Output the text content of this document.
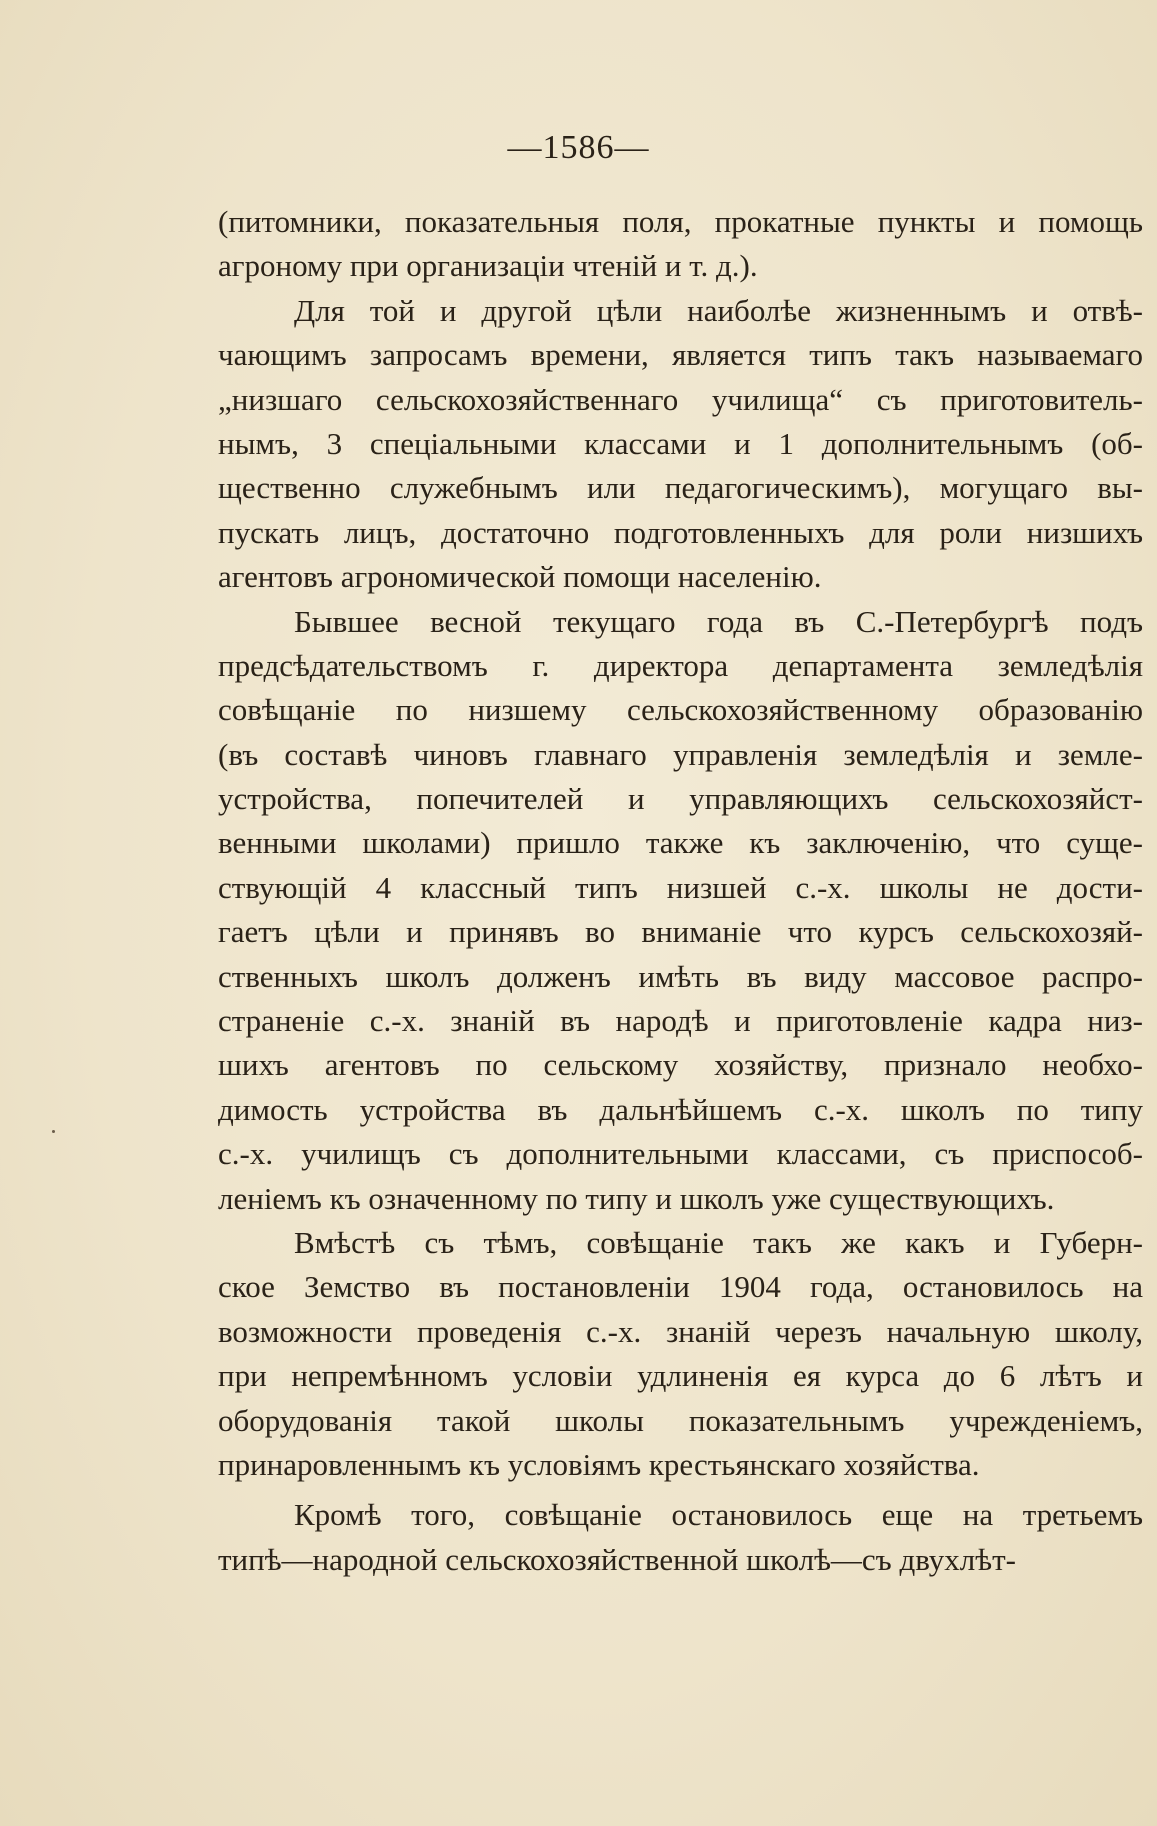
—1586—
(питомники, показательныя поля, прокатные пункты и помощь
агроному при организацiи чтенiй и т. д.).
Для той и другой цѣли наиболѣе жизненнымъ и отвѣ-
чающимъ запросамъ времени, является типъ такъ называемаго
„низшаго сельскохозяйственнаго училища“ съ приготовитель-
нымъ, 3 спецiальными классами и 1 дополнительнымъ (об-
щественно служебнымъ или педагогическимъ), могущаго вы-
пускать лицъ, достаточно подготовленныхъ для роли низшихъ
агентовъ агрономической помощи населенiю.
Бывшее весной текущаго года въ С.-Петербургѣ подъ
предсѣдательствомъ г. директора департамента земледѣлiя
совѣщанiе по низшему сельскохозяйственному образованiю
(въ составѣ чиновъ главнаго управленiя земледѣлiя и земле-
устройства, попечителей и управляющихъ сельскохозяйст-
венными школами) пришло также къ заключенiю, что суще-
ствующiй 4 классный типъ низшей с.-х. школы не дости-
гаетъ цѣли и принявъ во вниманiе что курсъ сельскохозяй-
ственныхъ школъ долженъ имѣть въ виду массовое распро-
страненiе с.-х. знанiй въ народѣ и приготовленiе кадра низ-
шихъ агентовъ по сельскому хозяйству, признало необхо-
димость устройства въ дальнѣйшемъ с.-х. школъ по типу
с.-х. училищъ съ дополнительными классами, съ приспособ-
ленiемъ къ означенному по типу и школъ уже существующихъ.
Вмѣстѣ съ тѣмъ, совѣщанiе такъ же какъ и Губерн-
ское Земство въ постановленiи 1904 года, остановилось на
возможности проведенiя с.-х. знанiй черезъ начальную школу,
при непремѣнномъ условiи удлиненiя ея курса до 6 лѣтъ и
оборудованiя такой школы показательнымъ учрежденiемъ,
принаровленнымъ къ условiямъ крестьянскаго хозяйства.
Кромѣ того, совѣщанiе остановилось еще на третьемъ
типѣ—народной сельскохозяйственной школѣ—съ двухлѣт-
